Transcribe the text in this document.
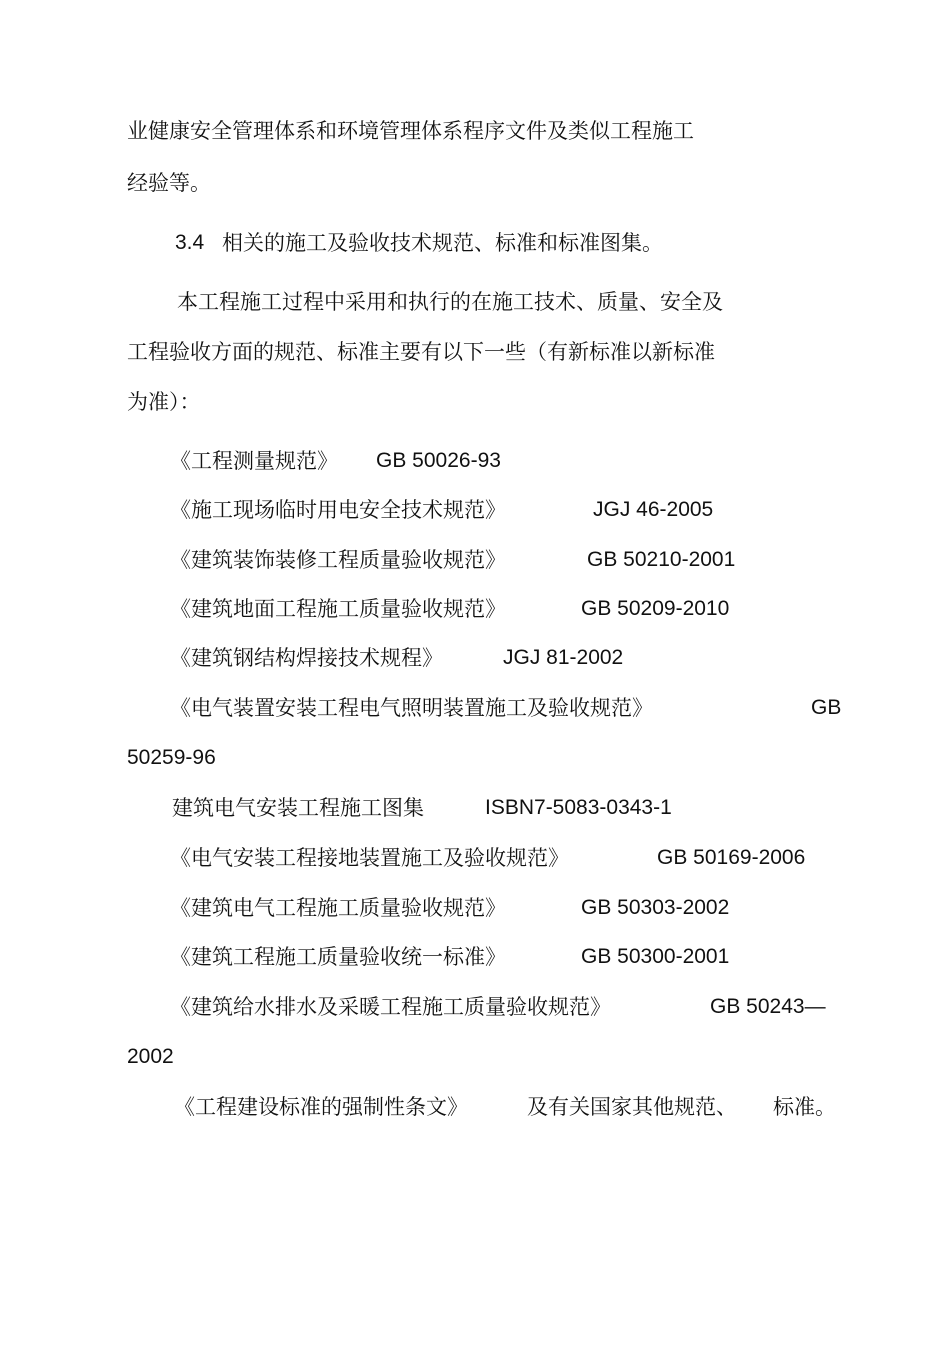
业健康安全管理体系和环境管理体系程序文件及类似工程施工
经验等。
3.4 相关的施工及验收技术规范、标准和标准图集。
本工程施工过程中采用和执行的在施工技术、质量、安全及
工程验收方面的规范、标准主要有以下一些（有新标准以新标准
为准）：
《工程测量规范》 GB 50026-93
《施工现场临时用电安全技术规范》	JGJ 46-2005
《建筑装饰装修工程质量验收规范》	GB 50210-2001
《建筑地面工程施工质量验收规范》	GB 50209-2010
《建筑钢结构焊接技术规程》	JGJ 81-2002
《电气装置安装工程电气照明装置施工及验收规范》	GB
50259-96
建筑电气安装工程施工图集	ISBN7-5083-0343-1
《电气安装工程接地装置施工及验收规范》	GB 50169-2006
《建筑电气工程施工质量验收规范》	GB 50303-2002
《建筑工程施工质量验收统一标准》	GB 50300-2001
《建筑给水排水及采暖工程施工质量验收规范》	GB 50243—
2002
《工程建设标准的强制性条文》	及有关国家其他规范、 标准。
